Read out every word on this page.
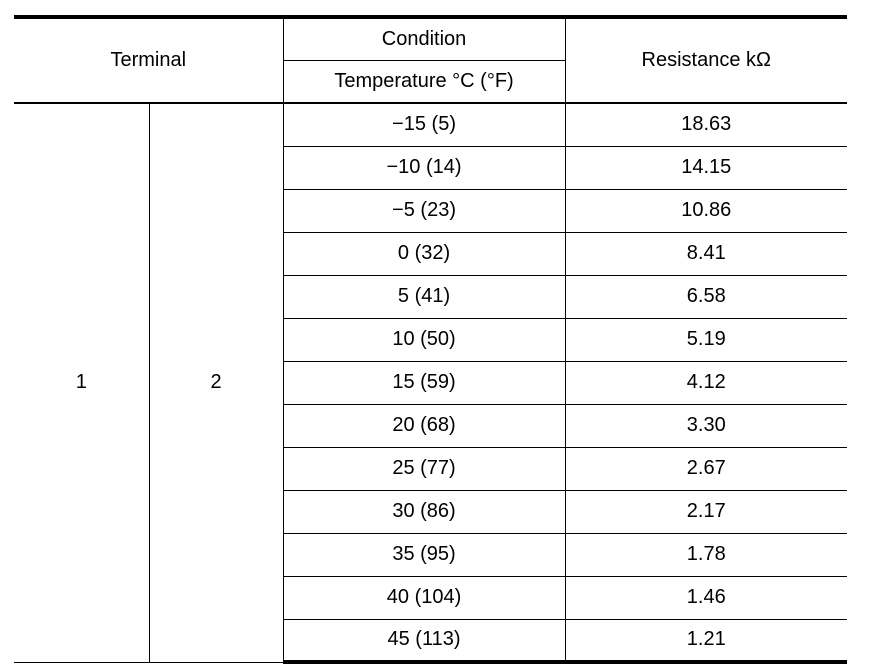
Terminal		Condition	Resistance kΩ
		Temperature °C (°F)	
1	2	−15 (5)	18.63
		−10 (14)	14.15
		−5 (23)	10.86
		0 (32)	8.41
		5 (41)	6.58
		10 (50)	5.19
		15 (59)	4.12
		20 (68)	3.30
		25 (77)	2.67
		30 (86)	2.17
		35 (95)	1.78
		40 (104)	1.46
		45 (113)	1.21
